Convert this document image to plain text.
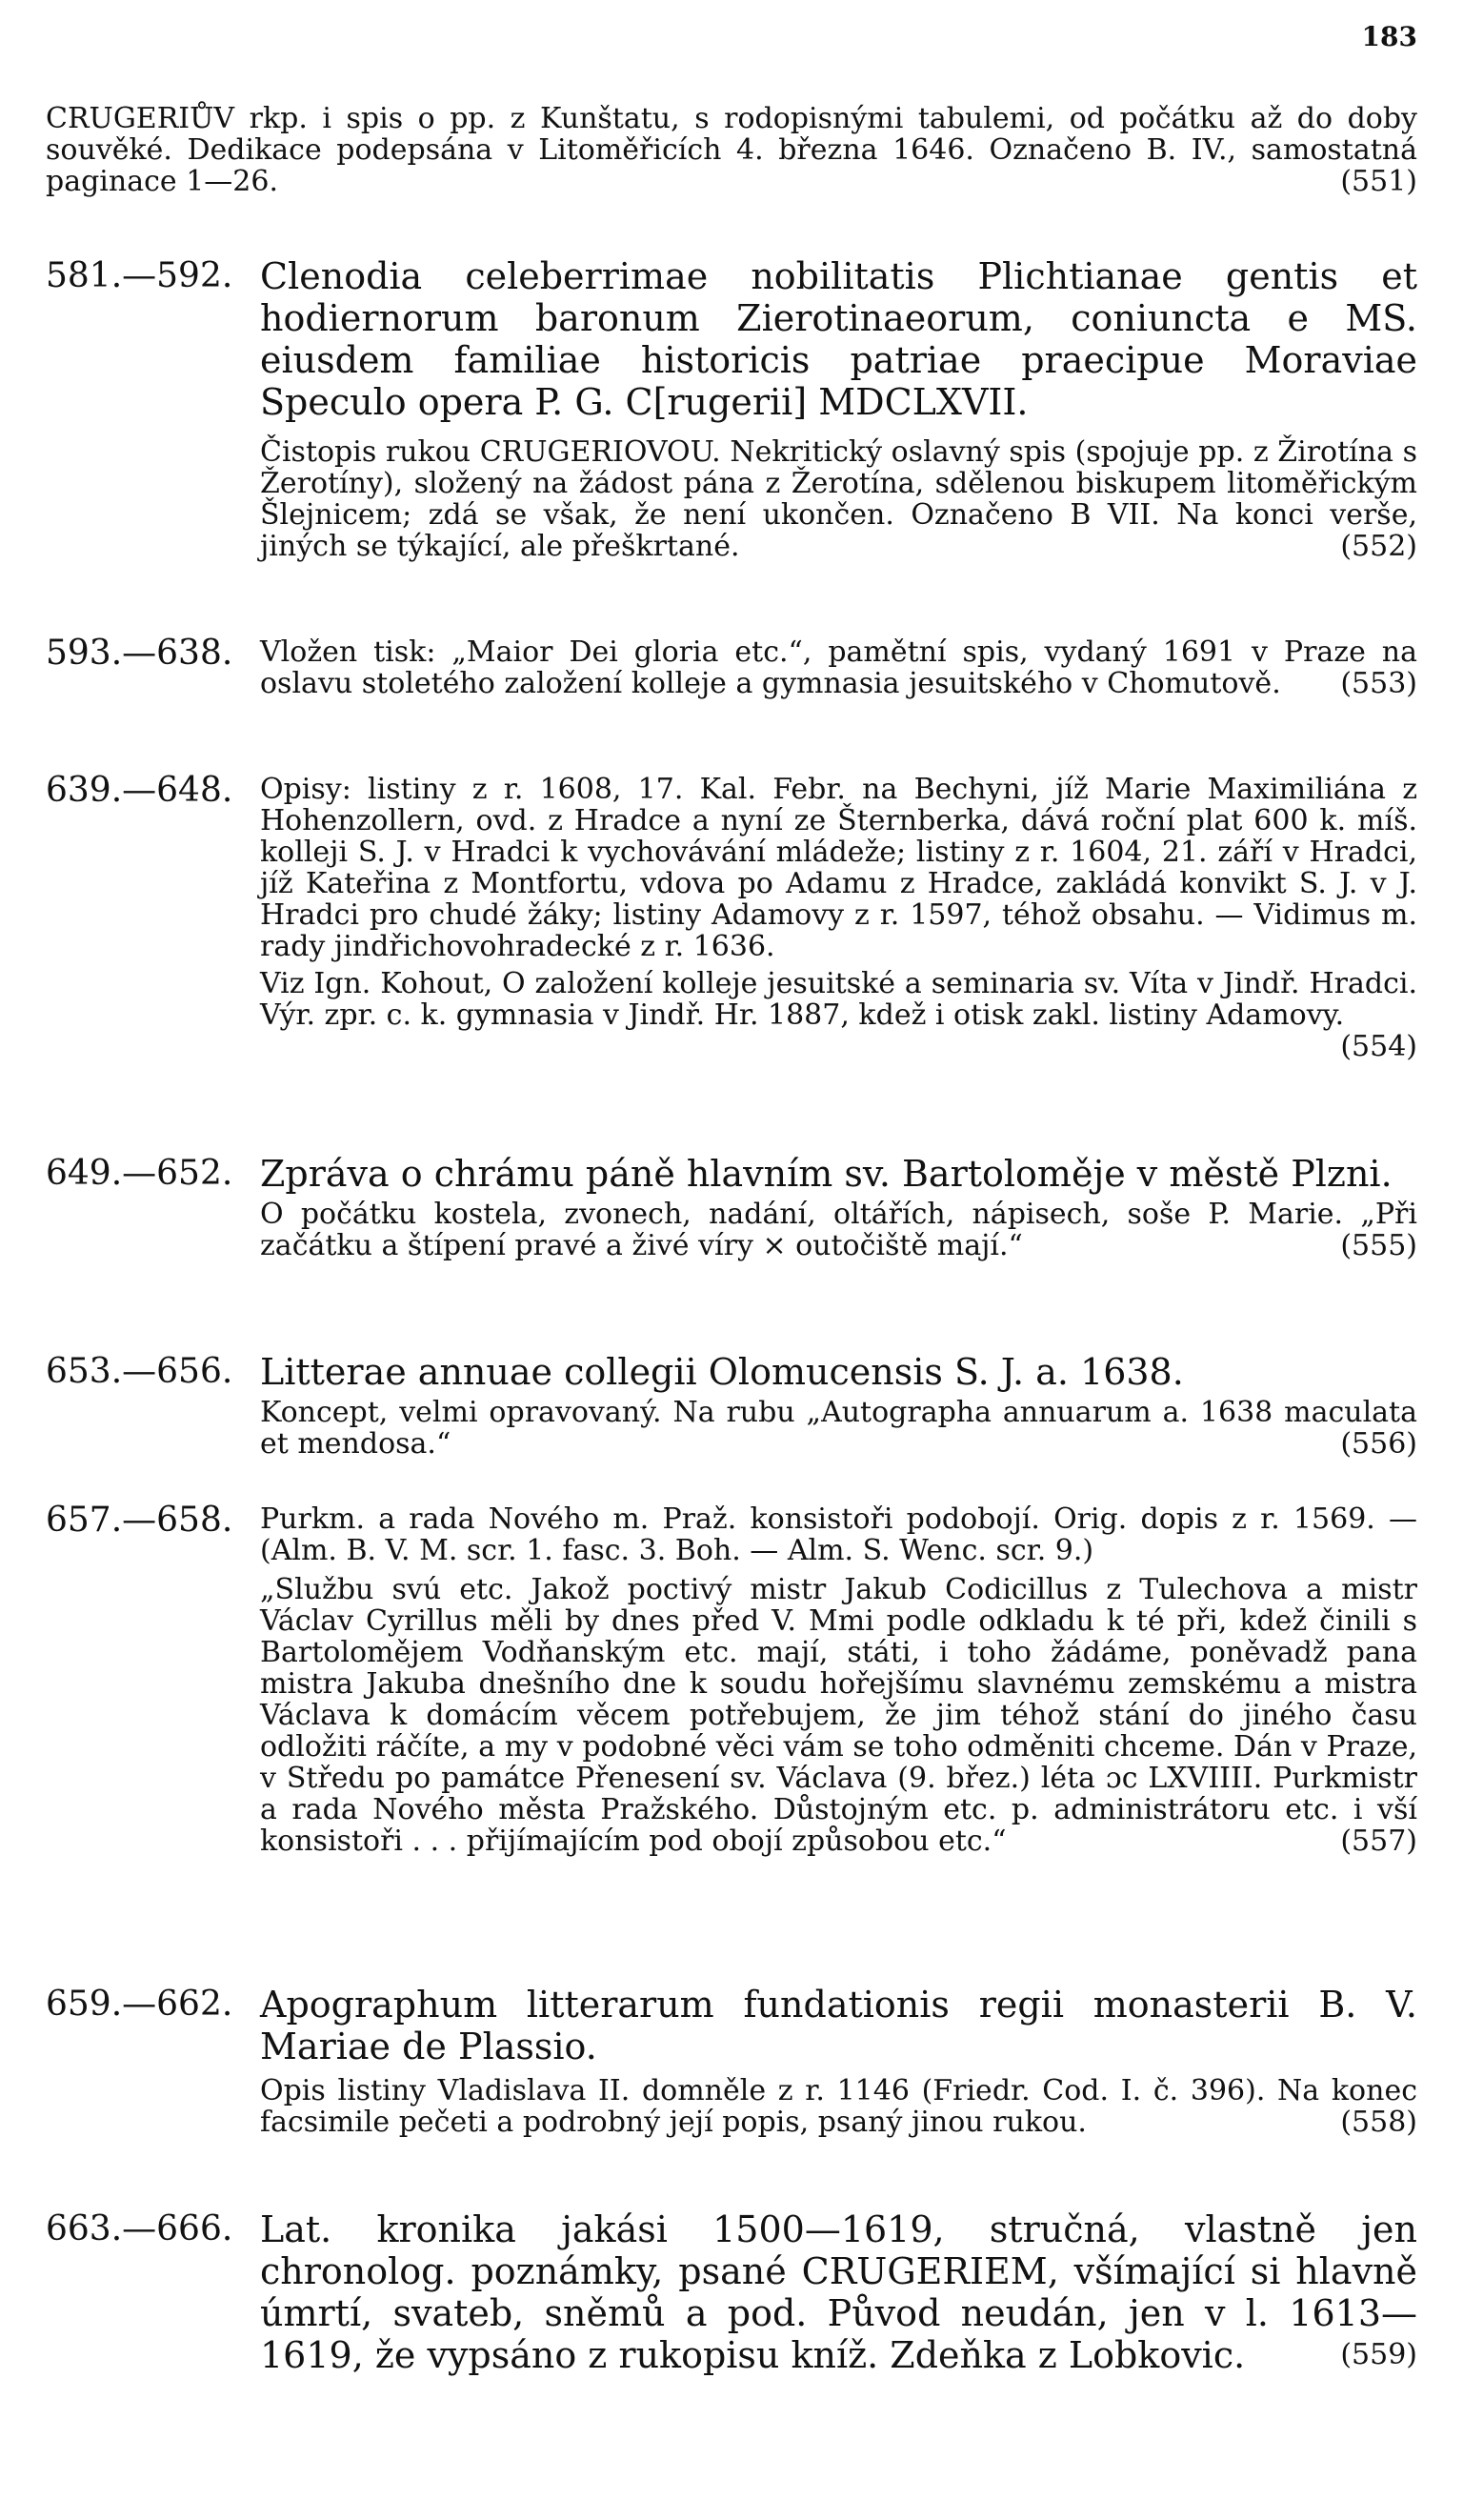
183

CRUGERIŮV rkp. i spis o pp. z Kunštatu, s rodopisnými tabulemi, od počátku až do doby souvěké. Dedikace podepsána v Litoměřicích 4. března 1646. Označeno B. IV., samostatná paginace 1—26.	(551)

581.—592. Clenodia celeberrimae nobilitatis Plichtianae gentis et hodiernorum baronum Zierotinaeorum, coniuncta e MS. eiusdem familiae historicis patriae praecipue Moraviae Speculo opera P. G. C[rugerii] MDCLXVII.

Čistopis rukou CRUGERIOVOU. Nekritický oslavný spis (spojuje pp. z Žirotína s Žerotíny), složený na žádost pána z Žerotína, sdělenou biskupem litoměřickým Šlejnicem; zdá se však, že není ukončen. Označeno B VII. Na konci verše, jiných se týkající, ale přeškrtané.	(552)

593.—638. Vložen tisk: „Maior Dei gloria etc.“, pamětní spis, vydaný 1691 v Praze na oslavu stoletého založení kolleje a gymnasia jesuitského v Chomutově.	(553)

639.—648. Opisy: listiny z r. 1608, 17. Kal. Febr. na Bechyni, jíž Marie Maximiliána z Hohenzollern, ovd. z Hradce a nyní ze Šternberka, dává roční plat 600 k. míš. kolleji S. J. v Hradci k vychovávání mládeže; listiny z r. 1604, 21. září v Hradci, jíž Kateřina z Montfortu, vdova po Adamu z Hradce, zakládá konvikt S. J. v J. Hradci pro chudé žáky; listiny Adamovy z r. 1597, téhož obsahu. — Vidimus m. rady jindřichovohradecké z r. 1636.

Viz Ign. Kohout, O založení kolleje jesuitské a seminaria sv. Víta v Jindř. Hradci. Výr. zpr. c. k. gymnasia v Jindř. Hr. 1887, kdež i otisk zakl. listiny Adamovy.
(554)

649.—652. Zpráva o chrámu páně hlavním sv. Bartoloměje v městě Plzni.

O počátku kostela, zvonech, nadání, oltářích, nápisech, soše P. Marie. „Při začátku a štípení pravé a živé víry × outočiště mají.“	(555)

653.—656. Litterae annuae collegii Olomucensis S. J. a. 1638.

Koncept, velmi opravovaný. Na rubu „Autographa annuarum a. 1638 maculata et mendosa.“	(556)

657.—658. Purkm. a rada Nového m. Praž. konsistoři podobojí. Orig. dopis z r. 1569. — (Alm. B. V. M. scr. 1. fasc. 3. Boh. — Alm. S. Wenc. scr. 9.)

„Službu svú etc. Jakož poctivý mistr Jakub Codicillus z Tulechova a mistr Václav Cyrillus měli by dnes před V. Mmi podle odkladu k té při, kdež činili s Bartolomějem Vodňanským etc. mají, státi, i toho žádáme, poněvadž pana mistra Jakuba dnešního dne k soudu hořejšímu slavnému zemskému a mistra Václava k domácím věcem potřebujem, že jim téhož stání do jiného času odložiti ráčíte, a my v podobné věci vám se toho odměniti chceme. Dán v Praze, v Středu po památce Přenesení sv. Václava (9. břez.) léta ɔc LXVIIII. Purkmistr a rada Nového města Pražského. Důstojným etc. p. administrátoru etc. i vší konsistoři . . . přijímajícím pod obojí způsobou etc.“	(557)

659.—662. Apographum litterarum fundationis regii monasterii B. V. Mariae de Plassio.

Opis listiny Vladislava II. domněle z r. 1146 (Friedr. Cod. I. č. 396). Na konec facsimile pečeti a podrobný její popis, psaný jinou rukou.	(558)

663.—666. Lat. kronika jakási 1500—1619, stručná, vlastně jen chronolog. poznámky, psané CRUGERIEM, všímající si hlavně úmrtí, svateb, sněmů a pod. Původ neudán, jen v l. 1613—1619, že vypsáno z rukopisu kníž. Zdeňka z Lobkovic.	(559)
